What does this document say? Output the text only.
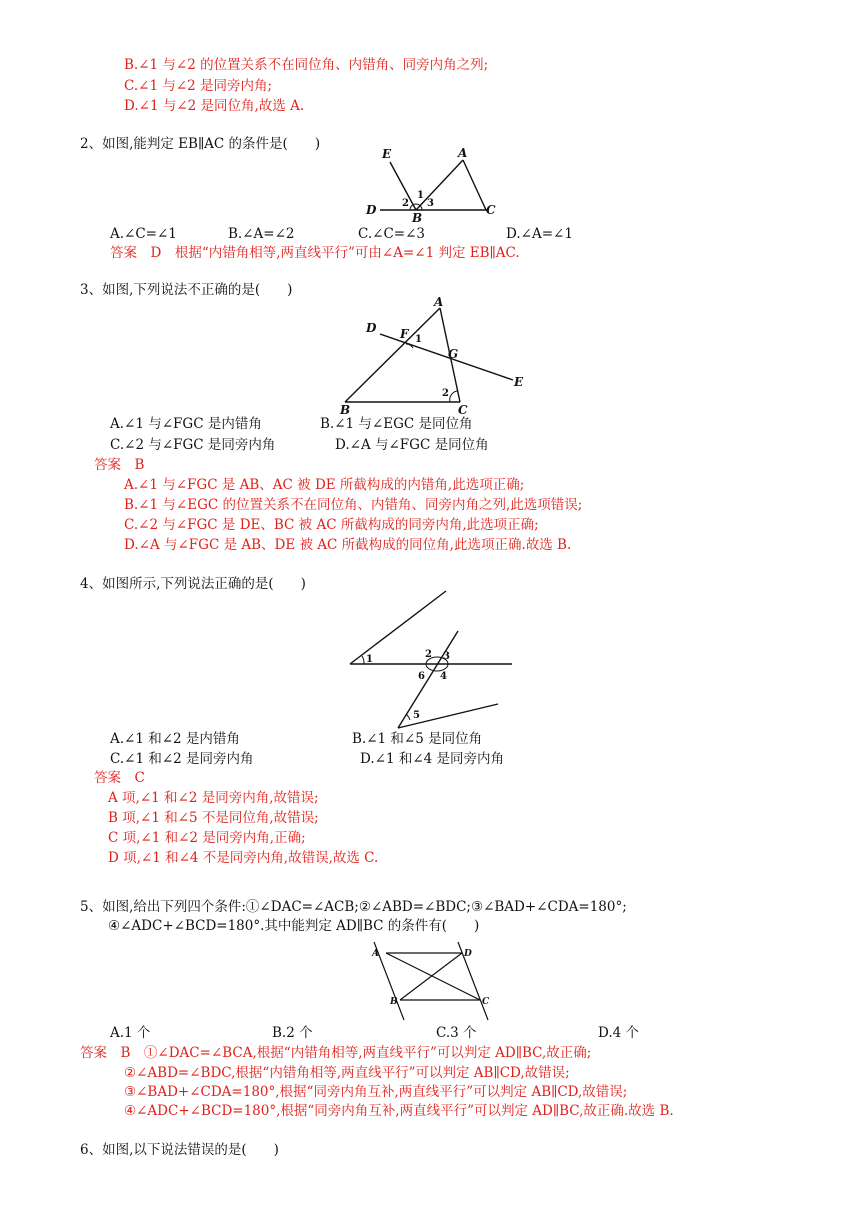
B.∠1 与∠2 的位置关系不在同位角、内错角、同旁内角之列;
C.∠1 与∠2 是同旁内角;
D.∠1 与∠2 是同位角,故选 A.
2、如图,能判定 EB∥AC 的条件是(　　)
E	A
D
B
C
1
2 3
A.∠C=∠1	B.∠A=∠2	C.∠C=∠3	D.∠A=∠1
答案　D　根据“内错角相等,两直线平行”可由∠A=∠1 判定 EB∥AC.
3、如图,下列说法不正确的是(　　)
A
D F
G
E
B	C
1
2
A.∠1 与∠FGC 是内错角	B.∠1 与∠EGC 是同位角
C.∠2 与∠FGC 是同旁内角	D.∠A 与∠FGC 是同位角
答案　B
A.∠1 与∠FGC 是 AB、AC 被 DE 所截构成的内错角,此选项正确;
B.∠1 与∠EGC 的位置关系不在同位角、内错角、同旁内角之列,此选项错误;
C.∠2 与∠FGC 是 DE、BC 被 AC 所截构成的同旁内角,此选项正确;
D.∠A 与∠FGC 是 AB、DE 被 AC 所截构成的同位角,此选项正确.故选 B.
4、如图所示,下列说法正确的是(　　)
1	2 3
4
5
6
A.∠1 和∠2 是内错角	B.∠1 和∠5 是同位角
C.∠1 和∠2 是同旁内角	D.∠1 和∠4 是同旁内角
答案　C
A 项,∠1 和∠2 是同旁内角,故错误;
B 项,∠1 和∠5 不是同位角,故错误;
C 项,∠1 和∠2 是同旁内角,正确;
D 项,∠1 和∠4 不是同旁内角,故错误,故选 C.
5、如图,给出下列四个条件:①∠DAC=∠ACB;②∠ABD=∠BDC;③∠BAD+∠CDA=180°;
④∠ADC+∠BCD=180°.其中能判定 AD∥BC 的条件有(　　)
A	D
B	C
A.1 个	B.2 个	C.3 个	D.4 个
答案　B　①∠DAC=∠BCA,根据“内错角相等,两直线平行”可以判定 AD∥BC,故正确;
②∠ABD=∠BDC,根据“内错角相等,两直线平行”可以判定 AB∥CD,故错误;
③∠BAD+∠CDA=180°,根据“同旁内角互补,两直线平行”可以判定 AB∥CD,故错误;
④∠ADC+∠BCD=180°,根据“同旁内角互补,两直线平行”可以判定 AD∥BC,故正确.故选 B.
6、如图,以下说法错误的是(　　)
